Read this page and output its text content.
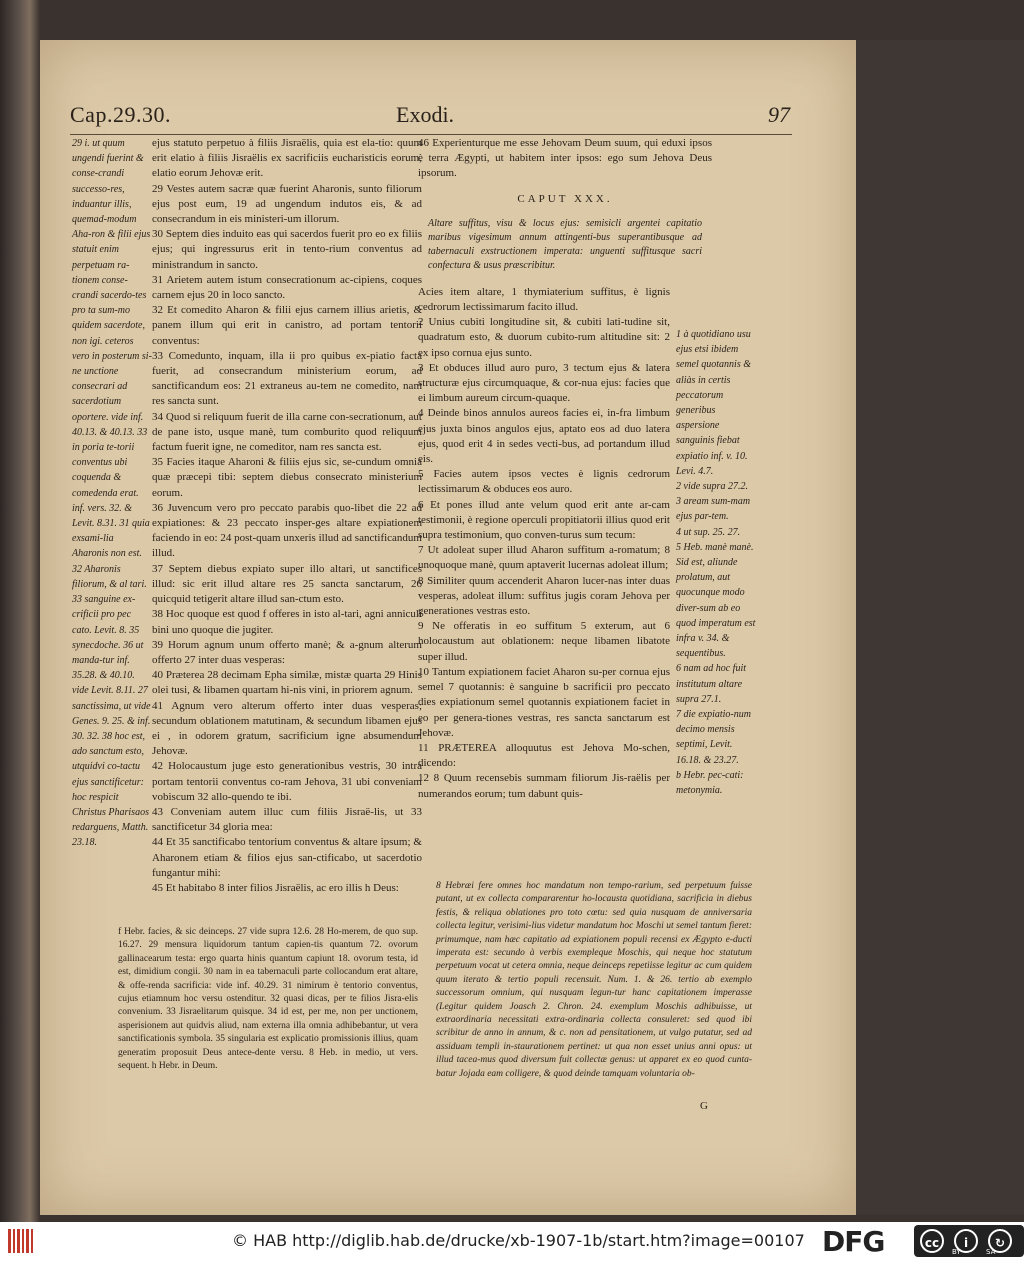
Cap.29.30.	Exodi.	97
29 i. ut quum ungendi fuerint & conse-crandi successo-res, induantur illis, quemad-modum Aha-ron & filii ejus statuit enim perpetuam ra-tionem conse-crandi sacerdo-tes pro ta sum-mo quidem sacerdote, non igi. ceteros vero in posterum si-ne unctione consecrari ad sacerdotium oportere. vide inf. 40.13. & 40.13. 33 in poria te-torii conventus ubi coquenda & comedenda erat. inf. vers. 32. & Levit. 8.31. 31 quia exsami-lia Aharonis non est. 32 Aharonis filiorum, & al tari. 33 sanguine ex-crificii pro pec cato. Levit. 8. 35 synecdoche. 36 ut manda-tur inf. 35.28. & 40.10. vide Levit. 8.11. 27 sanctissima, ut vide Genes. 9. 25. & inf. 30. 32. 38 hoc est, ado sanctum esto, utquidvi co-tactu ejus sanctificetur: hoc respicit Christus Pharisaos redarguens, Matth. 23.18.

ejus statuto perpetuo à filiis Jisraëlis, quia est ela-tio: quum erit elatio à filiis Jisraëlis ex sacrificiis eucharisticis eorum, elatio eorum Jehovæ erit.

29 Vestes autem sacræ quæ fuerint Aharonis, sunto filiorum ejus post eum, 19 ad ungendum indutos eis, & ad consecrandum in eis ministeri-um illorum.

30 Septem dies induito eas qui sacerdos fuerit pro eo ex filiis ejus; qui ingressurus erit in tento-rium conventus ad ministrandum in sancto.

31 Arietem autem istum consecrationum ac-cipiens, coques carnem ejus 20 in loco sancto.

32 Et comedito Aharon & filii ejus carnem illius arietis, & panem illum qui erit in canistro, ad portam tentorii conventus:

33 Comedunto, inquam, illa ii pro quibus ex-piatio facta fuerit, ad consecrandum ministerium eorum, ad sanctificandum eos: 21 extraneus au-tem ne comedito, nam res sancta sunt.

34 Quod si reliquum fuerit de illa carne con-secrationum, aut de pane isto, usque manè, tum comburito quod reliquum factum fuerit igne, ne comeditor, nam res sancta est.

35 Facies itaque Aharoni & filiis ejus sic, se-cundum omnia quæ præcepi tibi: septem diebus consecrato ministerium eorum.

36 Juvencum vero pro peccato parabis quo-libet die 22 ad expiationes: & 23 peccato insper-ges altare expiationem faciendo in eo: 24 post-quam unxeris illud ad sanctificandum illud.

37 Septem diebus expiato super illo altari, ut sanctifices illud: sic erit illud altare res 25 sancta sanctarum, 26 quicquid tetigerit altare illud san-ctum esto.

38 Hoc quoque est quod f offeres in isto al-tari, agni anniculi bini uno quoque die jugiter.

39 Horum agnum unum offerto manè; & a-gnum alterum offerto 27 inter duas vesperas:

40 Præterea 28 decimam Epha similæ, mistæ quarta 29 Hinis olei tusi, & libamen quartam hi-nis vini, in priorem agnum.

41 Agnum vero alterum offerto inter duas vesperas; secundum oblationem matutinam, & secundum libamen ejus ei , in odorem gratum, sacrificium igne absumendum Jehovæ.

42 Holocaustum juge esto generationibus vestris, 30 intra portam tentorii conventus co-ram Jehova, 31 ubi conveniam vobiscum 32 allo-quendo te ibi.

43 Conveniam autem illuc cum filiis Jisraë-lis, ut 33 sanctificetur 34 gloria mea:

44 Et 35 sanctificabo tentorium conventus & altare ipsum; & Aharonem etiam & filios ejus san-ctificabo, ut sacerdotio fungantur mihi:

45 Et habitabo 8 inter filios Jisraëlis, ac ero illis h Deus:

46 Experienturque me esse Jehovam Deum suum, qui eduxi ipsos è terra Ægypti, ut habitem inter ipsos: ego sum Jehova Deus ipsorum.

CAPUT XXX.
Altare suffitus, visu & locus ejus: semisicli argentei capitatio maribus vigesimum annum attingenti-bus superantibusque ad tabernaculi exstructionem imperata: unguenti suffitusque sacri confectura & usus præscribitur.

Acies item altare, 1 thymiaterium suffitus, è lignis cedrorum lectissimarum facito illud.

2 Unius cubiti longitudine sit, & cubiti lati-tudine sit, quadratum esto, & duorum cubito-rum altitudine sit: 2 ex ipso cornua ejus sunto.

3 Et obduces illud auro puro, 3 tectum ejus & latera structuræ ejus circumquaque, & cor-nua ejus: facies que ei limbum aureum circum-quaque.

4 Deinde binos annulos aureos facies ei, in-fra limbum ejus juxta binos angulos ejus, aptato eos ad duo latera ejus, quod erit 4 in sedes vecti-bus, ad portandum illud eis.

5 Facies autem ipsos vectes è lignis cedrorum lectissimarum & obduces eos auro.

6 Et pones illud ante velum quod erit ante ar-cam testimonii, è regione operculi propitiatorii illius quod erit supra testimonium, quo conven-turus sum tecum:

7 Ut adoleat super illud Aharon suffitum a-romatum; 8 unoquoque manè, quum aptaverit lucernas adoleat illum;

8 Similiter quum accenderit Aharon lucer-nas inter duas vesperas, adoleat illum: suffitus jugis coram Jehova per generationes vestras esto.

9 Ne offeratis in eo suffitum 5 exterum, aut 6 holocaustum aut oblationem: neque libamen libatote super illud.

10 Tantum expiationem faciet Aharon su-per cornua ejus semel 7 quotannis: è sanguine b sacrificii pro peccato dies expiationum semel quotannis expiationem faciet in eo per genera-tiones vestras, res sancta sanctarum est Jehovæ.

11 PRÆTEREA alloquutus est Jehova Mo-schen, dicendo:

12 8 Quum recensebis summam filiorum Jis-raëlis per numerandos eorum; tum dabunt quis-

1 à quotidiano usu ejus etsi ibidem semel quotannis & aliàs in certis peccatorum generibus aspersione sanguinis fiebat expiatio inf. v. 10. Levi. 4.7.

2 vide supra 27.2.

3 aream sum-mam ejus par-tem.

4 ut sup. 25. 27.

5 Heb. manè manè.

Sid est, aliunde prolatum, aut quocunque modo diver-sum ab eo quod imperatum est infra v. 34. & sequentibus.

6 nam ad hoc fuit institutum altare supra 27.1.

7 die expiatio-num decimo mensis septimi, Levit. 16.18. & 23.27.

b Hebr. pec-cati: metonymia.

f Hebr. facies, & sic deinceps. 27 vide supra 12.6. 28 Ho-merem, de quo sup. 16.27. 29 mensura liquidorum tantum capien-tis quantum 72. ovorum gallinacearum testa: ergo quarta hinis quantum capiunt 18. ovorum testa, id est, dimidium congii. 30 nam in ea tabernaculi parte collocandum erat altare, & offe-renda sacrificia: vide inf. 40.29. 31 nimirum è tentorio conventus, cujus etiamnum hoc versu ostenditur. 32 quasi dicas, per te filios Jisra-elis convenium. 33 Jisraelitarum quisque. 34 id est, per me, non per unctionem, asperisionem aut quidvis aliud, nam externa illa omnia adhibebantur, ut vera sanctificationis symbola. 35 singularia est explicatio promissionis illius, quam generatim proposuit Deus antece-dente versu. 8 Heb. in medio, ut vers. sequent. h Hebr. in Deum.
8 Hebræi fere omnes hoc mandatum non tempo-rarium, sed perpetuum fuisse putant, ut ex collecta compararentur ho-locausta quotidiana, sacrificia in diebus festis, & reliqua oblationes pro toto cœtu: sed quia nusquam de anniversaria collecta legitur, verisimi-lius videtur mandatum hoc Moschi ut semel tantum fieret: primumque, nam hæc capitatio ad expiationem populi recensi ex Ægypto e-ducti imperata est: secundo à verbis exempleque Moschis, qui neque hoc statutum perpetuum vocat ut cetera omnia, neque deinceps repetiisse legitur ac cum quidem quum iterato & tertio populi recensuit. Num. 1. & 26. tertio ab exemplo successorum omnium, qui nusquam legun-tur hanc capitationem imperasse (Legitur quidem Joasch 2. Chron. 24. exemplum Moschis adhibuisse, ut extraordinaria necessitati extra-ordinaria collecta consuleret: sed quod ibi scribitur de anno in annum, & c. non ad pensitationem, ut vulgo putatur, sed ad assiduam templi in-staurationem pertinet: ut qua non esset unius anni opus: ut illud tacea-mus quod diversum fuit collectæ genus: ut apparet ex eo quod cunta-batur Jojada eam colligere, & quod deinde tamquam voluntaria ob-
G
© HAB http://diglib.hab.de/drucke/xb-1907-1b/start.htm?image=00107 DFG	cc	i	↻
BY	SA
